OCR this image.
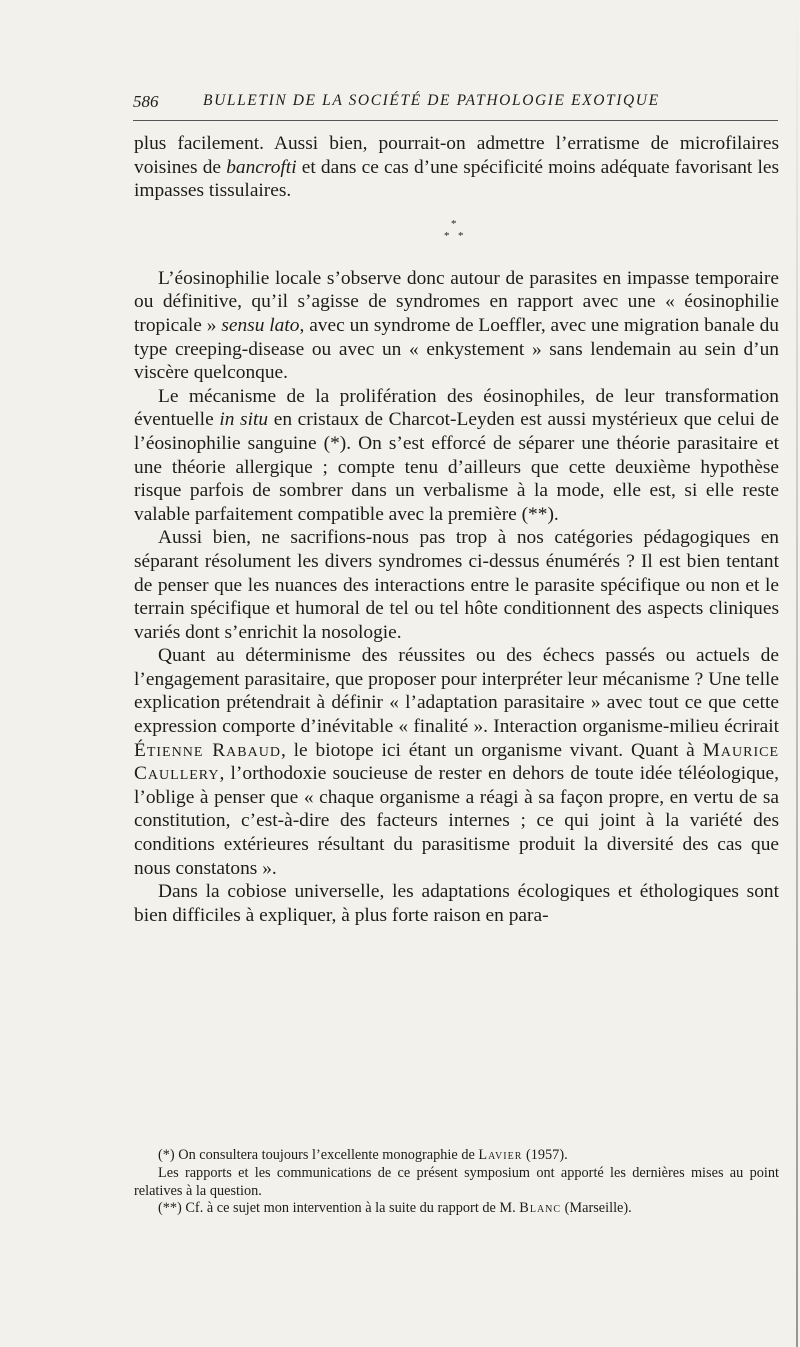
586	BULLETIN DE LA SOCIÉTÉ DE PATHOLOGIE EXOTIQUE

plus facilement. Aussi bien, pourrait-on admettre l’erratisme de microfilaires voisines de bancrofti et dans ce cas d’une spécificité moins adéquate favorisant les impasses tissulaires.

*
* *

L’éosinophilie locale s’observe donc autour de parasites en impasse temporaire ou définitive, qu’il s’agisse de syndromes en rapport avec une « éosinophilie tropicale » sensu lato, avec un syndrome de Loeffler, avec une migration banale du type creeping-disease ou avec un « enkystement » sans lendemain au sein d’un viscère quelconque.

Le mécanisme de la prolifération des éosinophiles, de leur transformation éventuelle in situ en cristaux de Charcot-Leyden est aussi mystérieux que celui de l’éosinophilie sanguine (*). On s’est efforcé de séparer une théorie parasitaire et une théorie allergique ; compte tenu d’ailleurs que cette deuxième hypothèse risque parfois de sombrer dans un verbalisme à la mode, elle est, si elle reste valable parfaitement compatible avec la première (**).

Aussi bien, ne sacrifions-nous pas trop à nos catégories pédagogiques en séparant résolument les divers syndromes ci-dessus énumérés ? Il est bien tentant de penser que les nuances des interactions entre le parasite spécifique ou non et le terrain spécifique et humoral de tel ou tel hôte conditionnent des aspects cliniques variés dont s’enrichit la nosologie.

Quant au déterminisme des réussites ou des échecs passés ou actuels de l’engagement parasitaire, que proposer pour interpréter leur mécanisme ? Une telle explication prétendrait à définir « l’adaptation parasitaire » avec tout ce que cette expression comporte d’inévitable « finalité ». Interaction organisme-milieu écrirait Étienne Rabaud, le biotope ici étant un organisme vivant. Quant à Maurice Caullery, l’orthodoxie soucieuse de rester en dehors de toute idée téléologique, l’oblige à penser que « chaque organisme a réagi à sa façon propre, en vertu de sa constitution, c’est-à-dire des facteurs internes ; ce qui joint à la variété des conditions extérieures résultant du parasitisme produit la diversité des cas que nous constatons ».

Dans la cobiose universelle, les adaptations écologiques et éthologiques sont bien difficiles à expliquer, à plus forte raison en para-

(*) On consultera toujours l’excellente monographie de Lavier (1957).

Les rapports et les communications de ce présent symposium ont apporté les dernières mises au point relatives à la question.

(**) Cf. à ce sujet mon intervention à la suite du rapport de M. Blanc (Marseille).
